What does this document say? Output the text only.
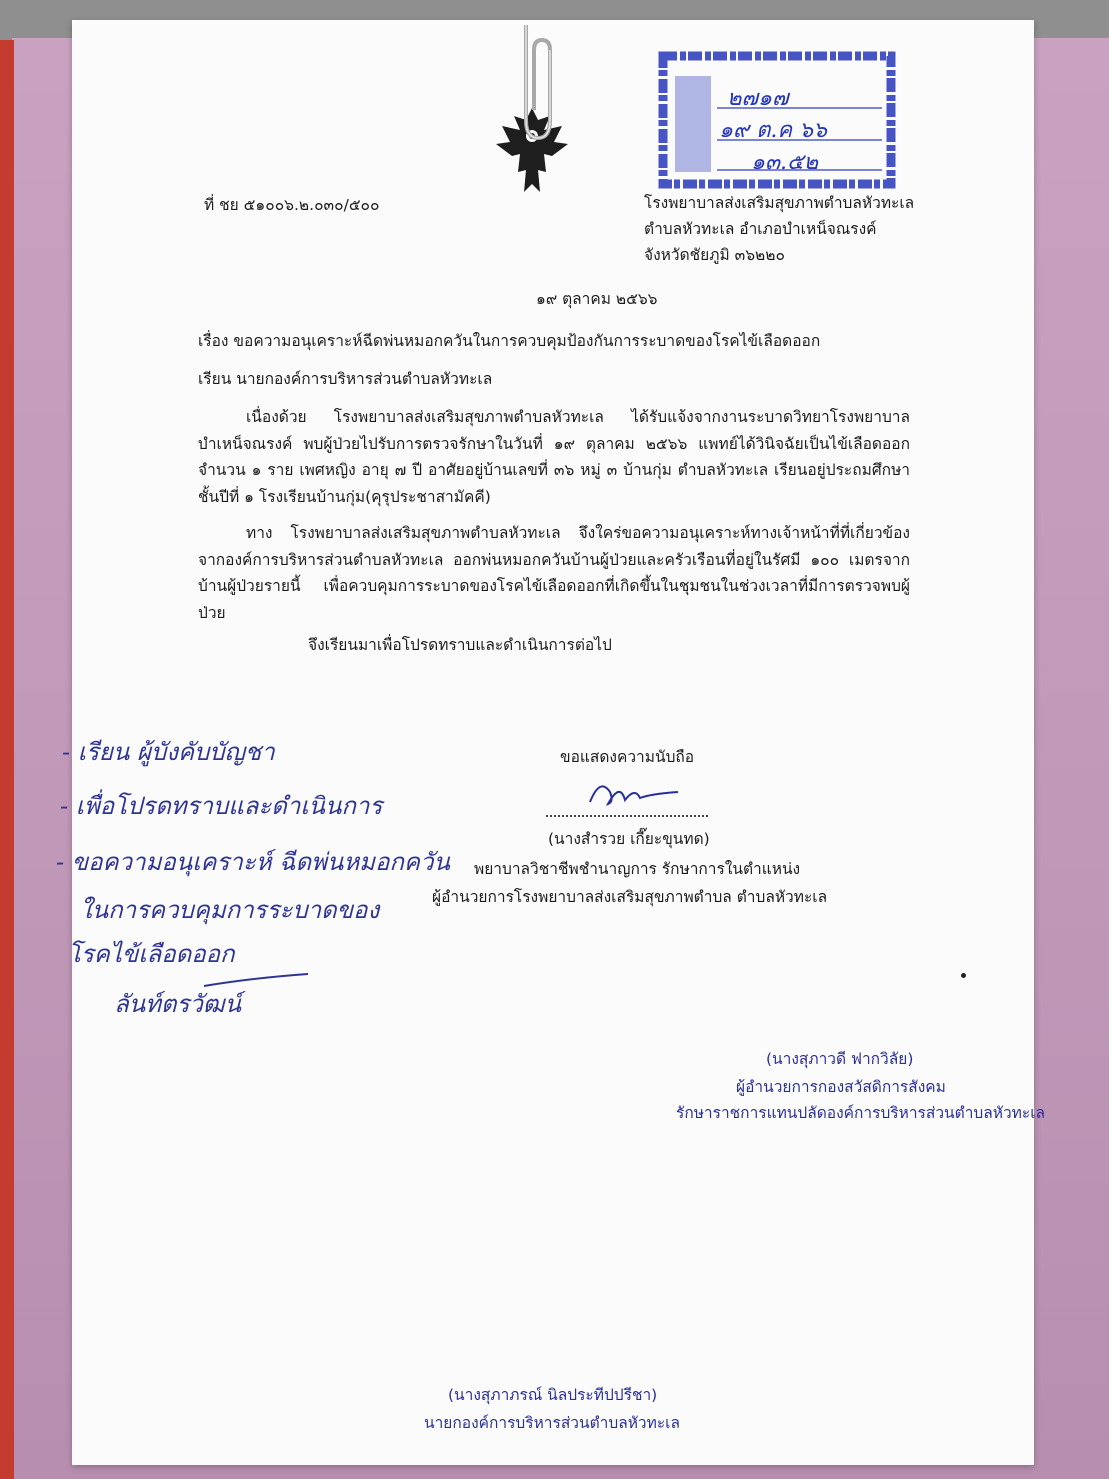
๒๗๑๗
๑๙ ต.ค ๖๖
๑๓.๕๒
ที่ ชย ๕๑๐๐๖.๒.๐๓๐/๕๐๐	โรงพยาบาลส่งเสริมสุขภาพตำบลหัวทะเล
ตำบลหัวทะเล อำเภอบำเหน็จณรงค์
จังหวัดชัยภูมิ ๓๖๒๒๐
๑๙ ตุลาคม ๒๕๖๖
เรื่อง ขอความอนุเคราะห์ฉีดพ่นหมอกควันในการควบคุมป้องกันการระบาดของโรคไข้เลือดออก
เรียน นายกองค์การบริหารส่วนตำบลหัวทะเล
เนื่องด้วย โรงพยาบาลส่งเสริมสุขภาพตำบลหัวทะเล ได้รับแจ้งจากงานระบาดวิทยาโรงพยาบาลบำเหน็จณรงค์ พบผู้ป่วยไปรับการตรวจรักษาในวันที่ ๑๙ ตุลาคม ๒๕๖๖ แพทย์ได้วินิจฉัยเป็นไข้เลือดออก จำนวน ๑ ราย เพศหญิง อายุ ๗ ปี อาศัยอยู่บ้านเลขที่ ๓๖ หมู่ ๓ บ้านกุ่ม ตำบลหัวทะเล เรียนอยู่ประถมศึกษาชั้นปีที่ ๑ โรงเรียนบ้านกุ่ม(คุรุประชาสามัคคี)
ทาง โรงพยาบาลส่งเสริมสุขภาพตำบลหัวทะเล จึงใคร่ขอความอนุเคราะห์ทางเจ้าหน้าที่ที่เกี่ยวข้อง จากองค์การบริหารส่วนตำบลหัวทะเล ออกพ่นหมอกควันบ้านผู้ป่วยและครัวเรือนที่อยู่ในรัศมี ๑๐๐ เมตรจากบ้านผู้ป่วยรายนี้ เพื่อควบคุมการระบาดของโรคไข้เลือดออกที่เกิดขึ้นในชุมชนในช่วงเวลาที่มีการตรวจพบผู้ป่วย
จึงเรียนมาเพื่อโปรดทราบและดำเนินการต่อไป
ขอแสดงความนับถือ
(นางสำรวย เกี๊ยะขุนทด)
พยาบาลวิชาชีพชำนาญการ รักษาการในตำแหน่ง
ผู้อำนวยการโรงพยาบาลส่งเสริมสุขภาพตำบล ตำบลหัวทะเล
- เรียน ผู้บังคับบัญชา
- เพื่อโปรดทราบและดำเนินการ
- ขอความอนุเคราะห์ ฉีดพ่นหมอกควัน
ในการควบคุมการระบาดของ
โรคไข้เลือดออก
ลันท์ตรวัฒน์
(นางสุภาวดี ฟากวิลัย)
ผู้อำนวยการกองสวัสดิการสังคม
รักษาราชการแทนปลัดองค์การบริหารส่วนตำบลหัวทะเล
(นางสุภาภรณ์ นิลประทีปปรีชา)
นายกองค์การบริหารส่วนตำบลหัวทะเล
